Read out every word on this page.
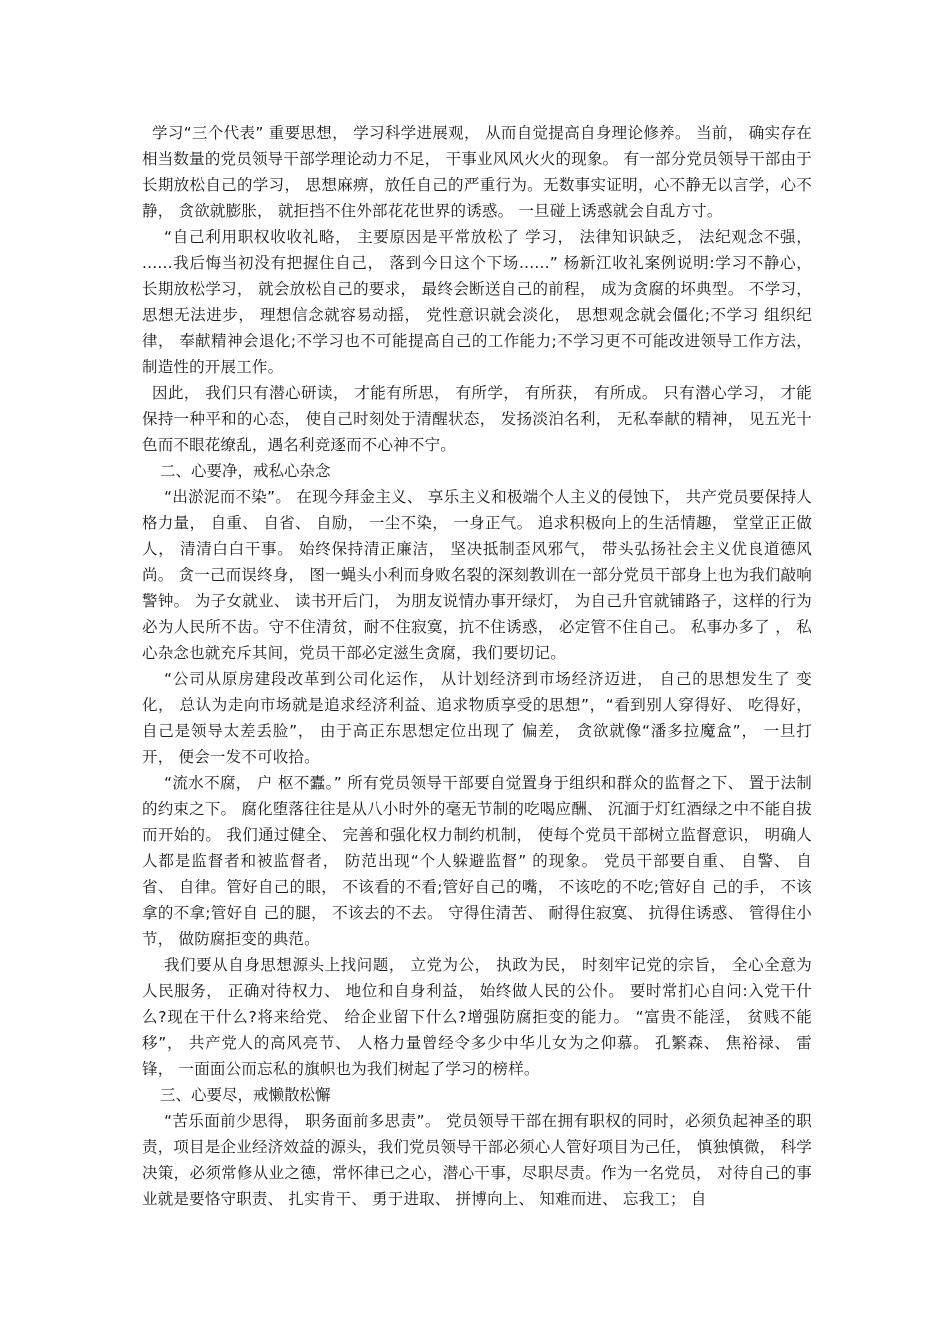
学习“三个代表” 重要思想， 学习科学进展观， 从而自觉提高自身理论修养。 当前， 确实存在相当数量的党员领导干部学理论动力不足， 干事业风风火火的现象。 有一部分党员领导干部由于长期放松自己的学习， 思想麻痹，放任自己的严重行为。无数事实证明，心不静无以言学，心不静， 贪欲就膨胀， 就拒挡不住外部花花世界的诱惑。 一旦碰上诱惑就会自乱方寸。

“自己利用职权收收礼略， 主要原因是平常放松了 学习， 法律知识缺乏， 法纪观念不强， ......我后悔当初没有把握住自己， 落到今日这个下场......” 杨新江收礼案例说明:学习不静心， 长期放松学习， 就会放松自己的要求， 最终会断送自己的前程， 成为贪腐的坏典型。 不学习， 思想无法进步， 理想信念就容易动摇， 党性意识就会淡化， 思想观念就会僵化;不学习 组织纪律， 奉献精神会退化;不学习也不可能提高自己的工作能力;不学习更不可能改进领导工作方法，制造性的开展工作。

因此， 我们只有潜心研读， 才能有所思， 有所学， 有所获， 有所成。 只有潜心学习， 才能保持一种平和的心态， 使自己时刻处于清醒状态， 发扬淡泊名利， 无私奉献的精神， 见五光十色而不眼花缭乱，遇名利竞逐而不心神不宁。

二、心要净，戒私心杂念

“出淤泥而不染”。 在现今拜金主义、 享乐主义和极端个人主义的侵蚀下， 共产党员要保持人格力量， 自重、 自省、 自励， 一尘不染， 一身正气。 追求积极向上的生活情趣， 堂堂正正做人， 清清白白干事。 始终保持清正廉洁， 坚决抵制歪风邪气， 带头弘扬社会主义优良道德风尚。 贪一己而误终身， 图一蝇头小利而身败名裂的深刻教训在一部分党员干部身上也为我们敲响警钟。 为子女就业、 读书开后门， 为朋友说情办事开绿灯， 为自己升官就铺路子，这样的行为必为人民所不齿。守不住清贫，耐不住寂寞，抗不住诱惑， 必定管不住自己。 私事办多了 ， 私心杂念也就充斥其间，党员干部必定滋生贪腐，我们要切记。

“公司从原房建段改革到公司化运作， 从计划经济到市场经济迈进， 自己的思想发生了 变化， 总认为走向市场就是追求经济利益、追求物质享受的思想”，“看到别人穿得好、 吃得好， 自己是领导太差丢脸”， 由于高正东思想定位出现了 偏差， 贪欲就像“潘多拉魔盒”， 一旦打开， 便会一发不可收拾。

“流水不腐， 户 枢不蠹。” 所有党员领导干部要自觉置身于组织和群众的监督之下、 置于法制的约束之下。 腐化堕落往往是从八小时外的毫无节制的吃喝应酬、 沉湎于灯红酒绿之中不能自拔而开始的。 我们通过健全、 完善和强化权力制约机制， 使每个党员干部树立监督意识， 明确人人都是监督者和被监督者， 防范出现“个人躲避监督” 的现象。 党员干部要自重、 自警、 自省、 自律。管好自己的眼， 不该看的不看;管好自己的嘴， 不该吃的不吃;管好自 己的手， 不该拿的不拿;管好自 己的腿， 不该去的不去。 守得住清苦、 耐得住寂寞、 抗得住诱惑、 管得住小节， 做防腐拒变的典范。

我们要从自身思想源头上找问题， 立党为公， 执政为民， 时刻牢记党的宗旨， 全心全意为人民服务， 正确对待权力、 地位和自身利益， 始终做人民的公仆。 要时常扪心自问:入党干什么?现在干什么?将来给党、 给企业留下什么?增强防腐拒变的能力。 “富贵不能淫， 贫贱不能移”， 共产党人的高风亮节、 人格力量曾经令多少中华儿女为之仰慕。 孔繁森、 焦裕禄、 雷锋， 一面面公而忘私的旗帜也为我们树起了学习的榜样。

三、心要尽，戒懒散松懈

“苦乐面前少思得， 职务面前多思责”。 党员领导干部在拥有职权的同时，必须负起神圣的职责，项目是企业经济效益的源头，我们党员领导干部必须心人管好项目为己任， 慎独慎微， 科学决策，必须常修从业之德，常怀律已之心，潜心干事，尽职尽责。作为一名党员， 对待自己的事业就是要恪守职责、 扎实肯干、 勇于进取、 拼博向上、 知难而进、 忘我工； 自
